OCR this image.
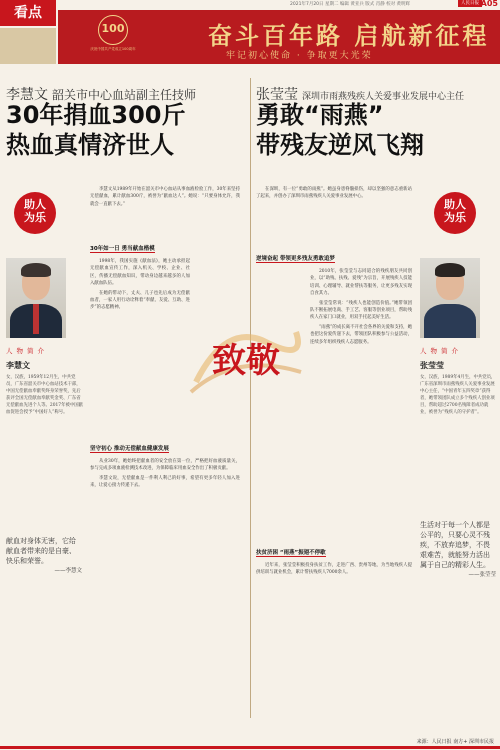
看点
2021年7月20日 星期二 编辑 黄亚兵 版式 肖静 校对 黄明辉	人民日报 A05
100
庆祝中国共产党成立100周年	奋斗百年路 启航新征程
牢记初心使命 · 争取更大光荣
李慧文 韶关市中心血站副主任技师
30年捐血300斤
热血真情济世人
助人
为乐
人物简介
李慧文
女，汉族，1959年12月生，中共党员，广东省韶关市中心血站技术干部，中国无偿献血奉献奖终身荣誉奖，先后获评全国无偿献血奉献奖金奖、广东省无偿献血先进个人等。2017年被中国献血促进会授予“中国好人”称号。
献血对身体无害，它给献血者带来的是自豪、快乐和荣誉。
——李慧文

李慧文从1989年开始在韶关市中心血站从事血液检验工作，30年来坚持无偿献血，累计献血300斤，被誉为“献血达人”。她说：“只要身体允许，我就会一直献下去。”

30年如一日 勇当献血楷模

1998年，我国实施《献血法》，她主动承担起无偿献血宣传工作，深入机关、学校、企业、社区，传播无偿献血知识，带动身边越来越多的人加入献血队伍。

在她的带动下，丈夫、儿子也先后成为无偿献血者，一家人用行动诠释着“奉献、友爱、互助、进步”的志愿精神。

坚守初心 推动无偿献血健康发展

从业30年，她始终把献血者的安全放在第一位，严格把好血液质量关，参与完成多项血液检测技术改进，为保障临床用血安全作出了积极贡献。

李慧文说，无偿献血是一件利人利己的好事，希望有更多年轻人加入进来，让爱心接力传递下去。

致敬
张莹莹 深圳市雨燕残疾人关爱事业发展中心主任
勇敢“雨燕”
带残友逆风飞翔
助人
为乐
人物简介
张莹莹
女，汉族，1989年4月生，中共党员，广东省深圳市雨燕残疾人关爱事业发展中心主任，“中国青年五四奖章”获得者，她带领团队成立多个残疾人创业项目，帮助超过2700名残障者成功就业，被誉为“残疾人的守护者”。
生活对于每一个人都是公平的，只要心灵不残疾，不放弃追梦，不畏艰难苦，就能努力活出属于自己的精彩人生。
——张莹莹

在深圳，有一位“勇敢的雨燕”。她虽身患脊髓损伤，却以坚强的意志重新站了起来，并创办了深圳市雨燕残疾人关爱事业发展中心。

逆境奋起 带领更多残友勇敢追梦

2010年，张莹莹与志同道合的残疾朋友共同创业，以“助残、扶残、爱残”为宗旨，开展残疾人技能培训、心理辅导、就业帮扶等服务，让更多残友实现自食其力。

张莹莹常说：“残疾人也能创造价值。”她带领团队不断拓展电商、手工艺、客服等创业项目，帮助残疾人在家门口就业，用双手托起美好生活。

“雨燕”的成长离不开社会各界的关爱和支持，她也把这份爱传递下去，带领团队积极参与公益活动，连续多年组织残疾人志愿服务。

扶贫济困 “雨燕”振翅不停歇

近年来，张莹莹积极投身扶贫工作，走进广西、贵州等地，为当地残疾人提供培训与就业机会，累计帮扶残疾人7000余人。

来源：人民日报 南方+ 深圳市民报
